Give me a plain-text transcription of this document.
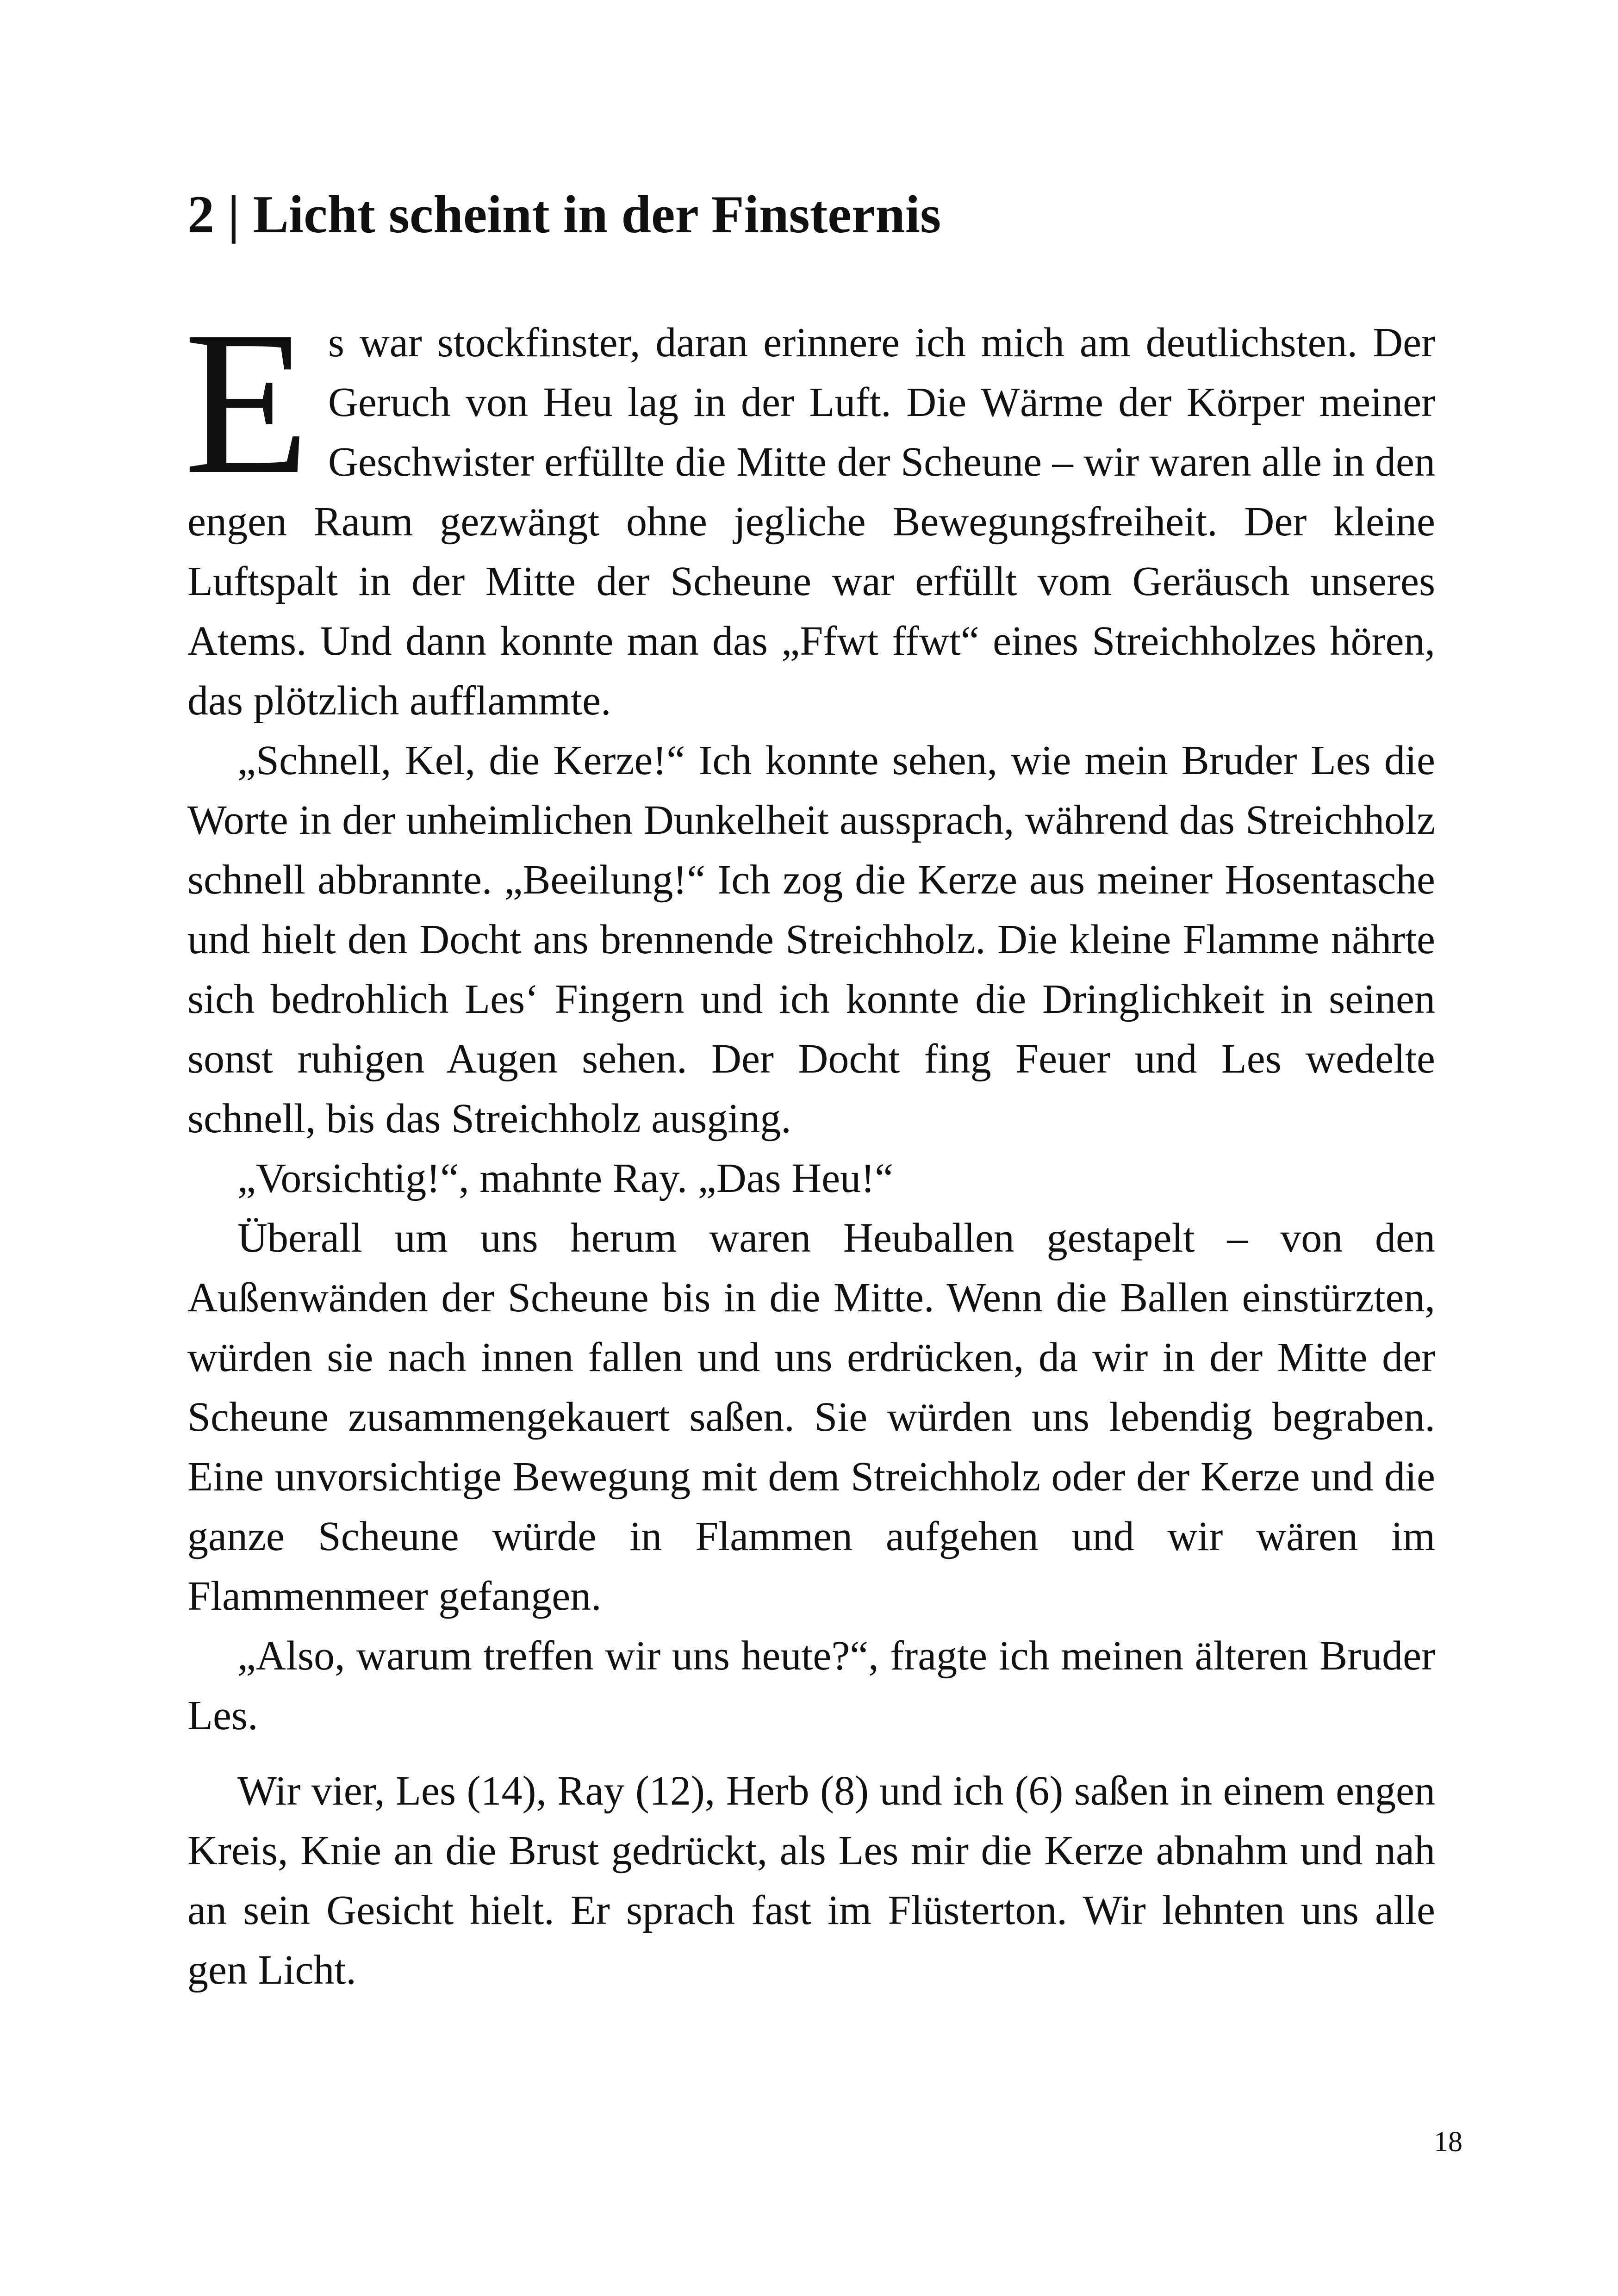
2 | Licht scheint in der Finsternis

Es war stockfinster, daran erinnere ich mich am deutlichsten. Der Geruch von Heu lag in der Luft. Die Wärme der Körper meiner Geschwister erfüllte die Mitte der Scheune – wir waren alle in den engen Raum gezwängt ohne jegliche Bewegungsfreiheit. Der kleine Luftspalt in der Mitte der Scheune war erfüllt vom Geräusch unseres Atems. Und dann konnte man das „Ffwt ffwt“ eines Streichholzes hören, das plötzlich aufflammte.

„Schnell, Kel, die Kerze!“ Ich konnte sehen, wie mein Bruder Les die Worte in der unheimlichen Dunkelheit aussprach, während das Streichholz schnell abbrannte. „Beeilung!“ Ich zog die Kerze aus meiner Hosentasche und hielt den Docht ans brennende Streichholz. Die kleine Flamme nährte sich bedrohlich Les‘ Fingern und ich konnte die Dringlichkeit in seinen sonst ruhigen Augen sehen. Der Docht fing Feuer und Les wedelte schnell, bis das Streichholz ausging.

„Vorsichtig!“, mahnte Ray. „Das Heu!“

Überall um uns herum waren Heuballen gestapelt – von den Außenwänden der Scheune bis in die Mitte. Wenn die Ballen einstürzten, würden sie nach innen fallen und uns erdrücken, da wir in der Mitte der Scheune zusammengekauert saßen. Sie würden uns lebendig begraben. Eine unvorsichtige Bewegung mit dem Streichholz oder der Kerze und die ganze Scheune würde in Flammen aufgehen und wir wären im Flammenmeer gefangen.

„Also, warum treffen wir uns heute?“, fragte ich meinen älteren Bruder Les.

Wir vier, Les (14), Ray (12), Herb (8) und ich (6) saßen in einem engen Kreis, Knie an die Brust gedrückt, als Les mir die Kerze abnahm und nah an sein Gesicht hielt. Er sprach fast im Flüsterton. Wir lehnten uns alle gen Licht.

18
